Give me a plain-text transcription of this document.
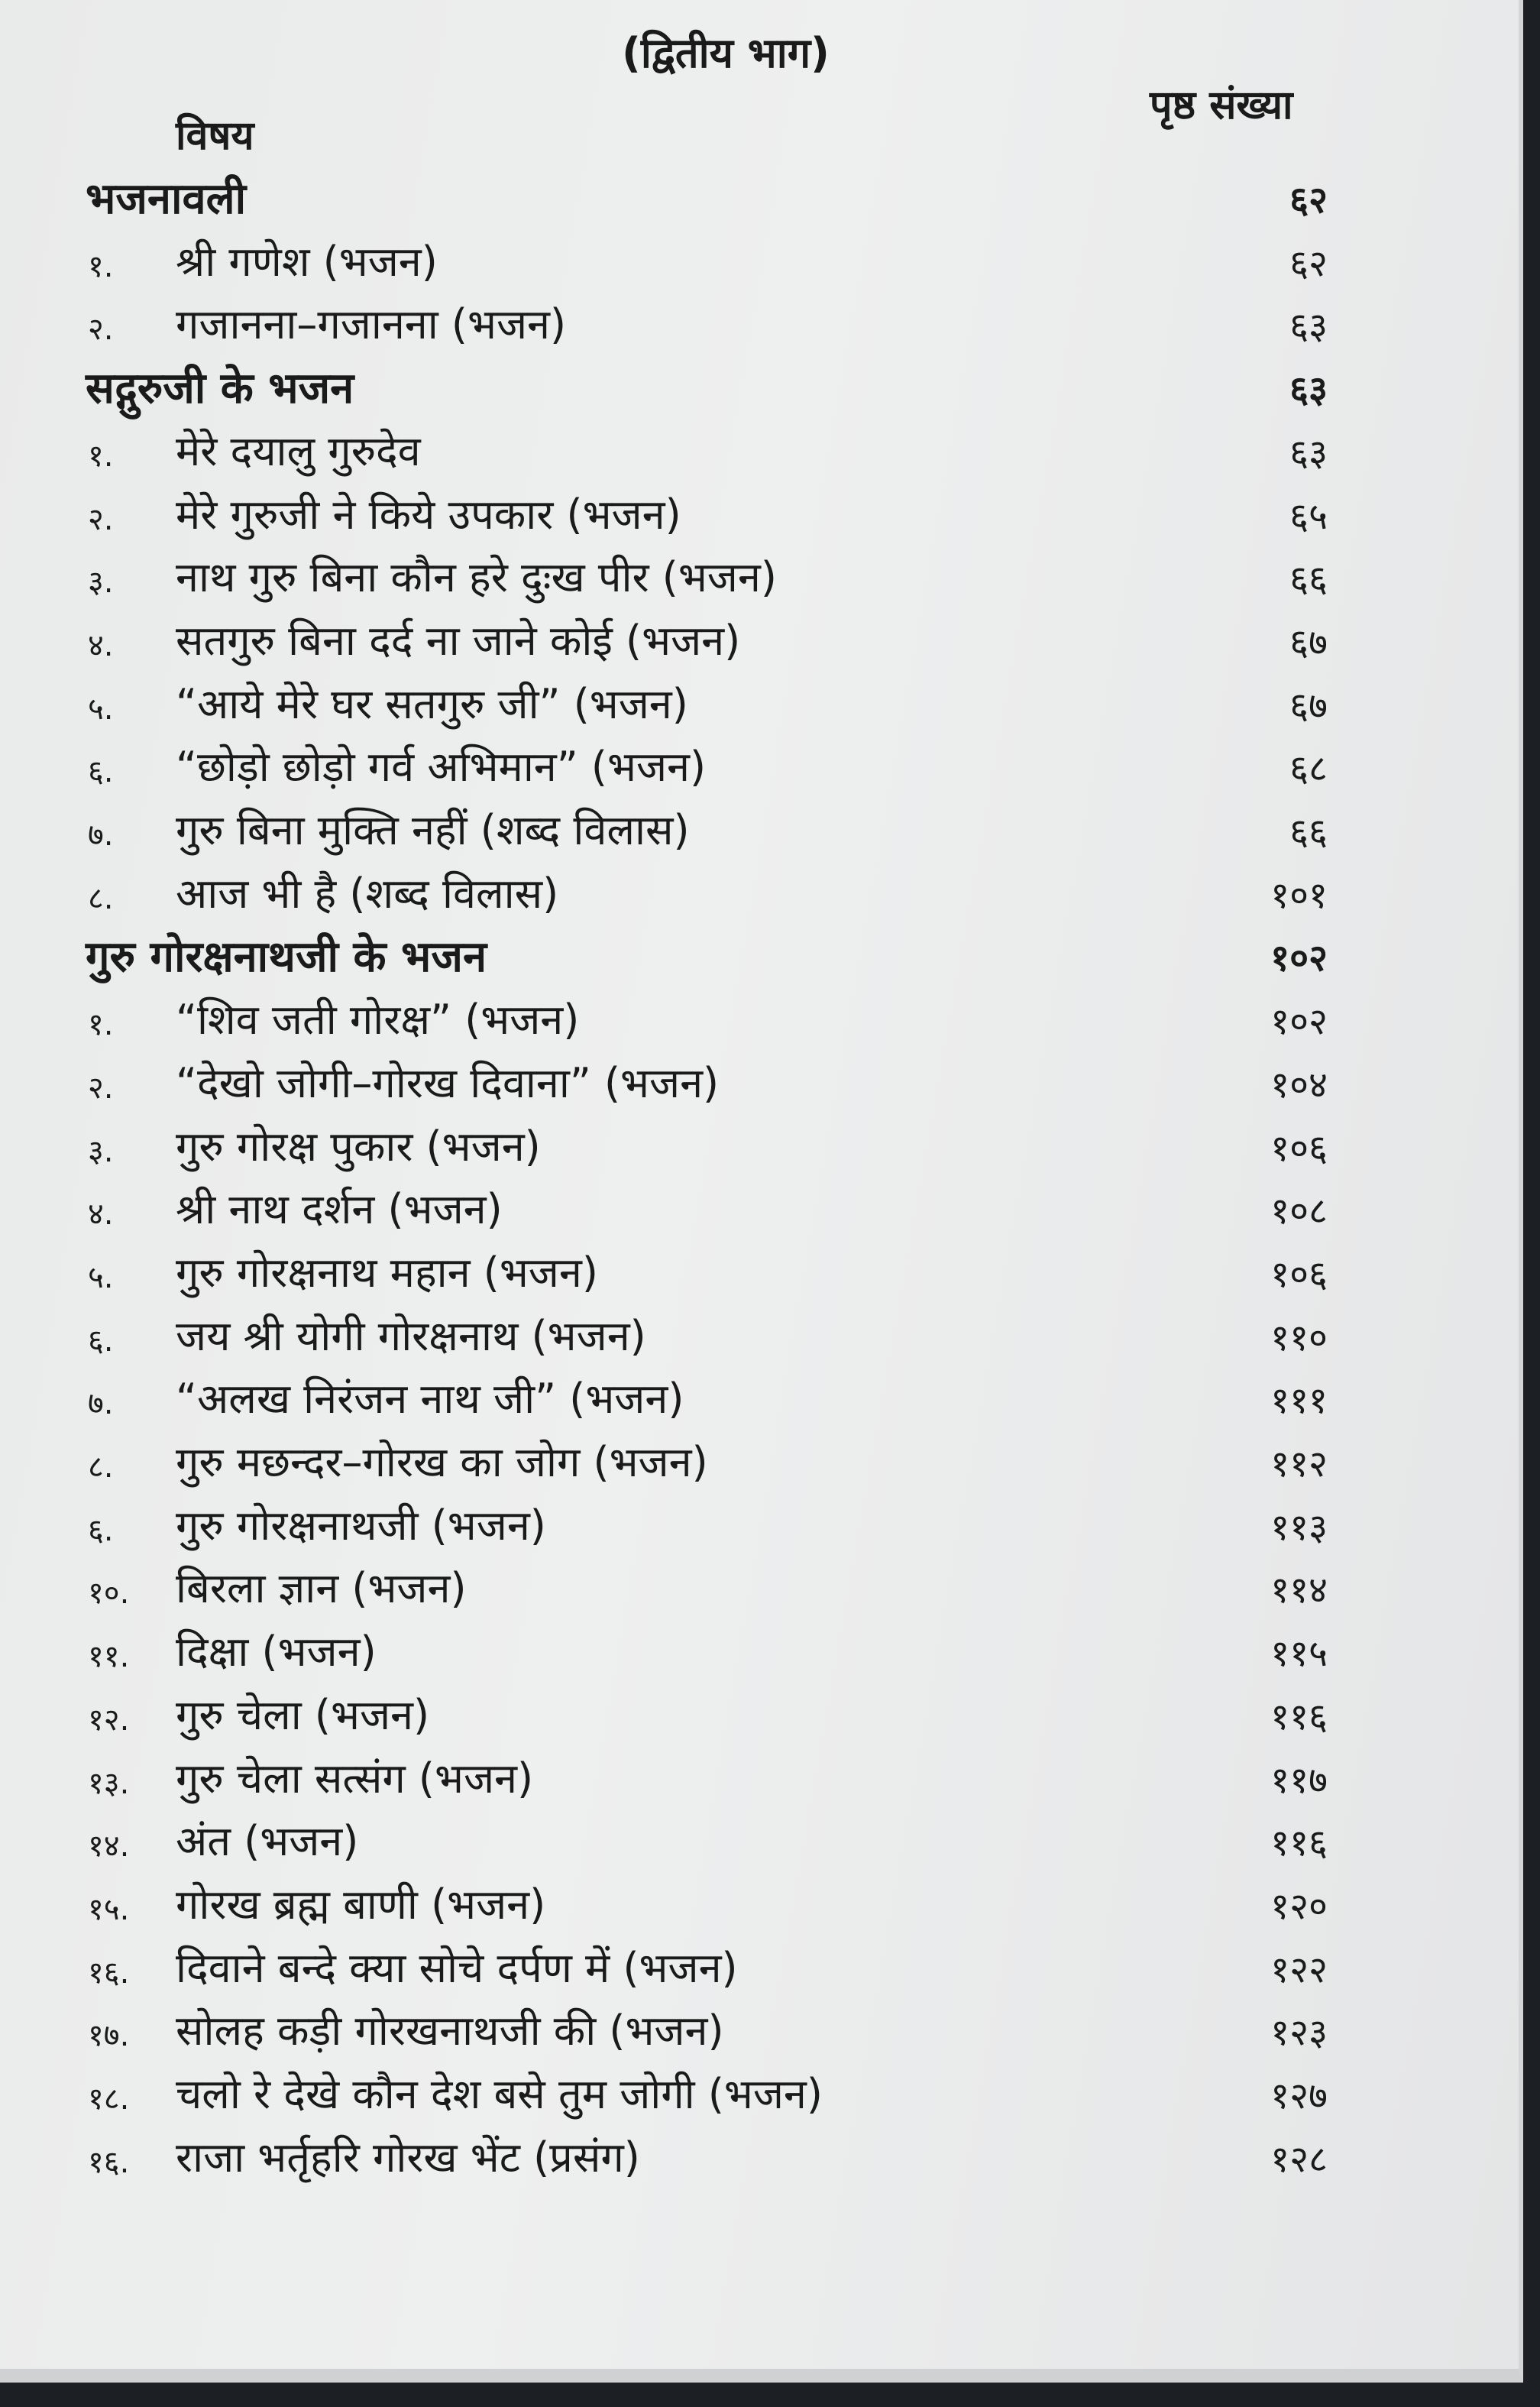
(द्वितीय भाग)
विषय
पृष्ठ संख्या
भजनावली	६२
१. श्री गणेश (भजन)	६२
२. गजानना–गजानना (भजन)	६३
सद्गुरुजी के भजन	६३
१. मेरे दयालु गुरुदेव	६३
२. मेरे गुरुजी ने किये उपकार (भजन)	६५
३. नाथ गुरु बिना कौन हरे दुःख पीर (भजन)	६६
४. सतगुरु बिना दर्द ना जाने कोई (भजन)	६७
५. “आये मेरे घर सतगुरु जी” (भजन)	६७
६. “छोड़ो छोड़ो गर्व अभिमान” (भजन)	६८
७. गुरु बिना मुक्ति नहीं (शब्द विलास)	६६
८. आज भी है (शब्द विलास)	१०१
गुरु गोरक्षनाथजी के भजन	१०२
१. “शिव जती गोरक्ष” (भजन)	१०२
२. “देखो जोगी–गोरख दिवाना” (भजन)	१०४
३. गुरु गोरक्ष पुकार (भजन)	१०६
४. श्री नाथ दर्शन (भजन)	१०८
५. गुरु गोरक्षनाथ महान (भजन)	१०६
६. जय श्री योगी गोरक्षनाथ (भजन)	११०
७. “अलख निरंजन नाथ जी” (भजन)	१११
८. गुरु मछन्दर–गोरख का जोग (भजन)	११२
६. गुरु गोरक्षनाथजी (भजन)	११३
१०. बिरला ज्ञान (भजन)	११४
११. दिक्षा (भजन)	११५
१२. गुरु चेला (भजन)	११६
१३. गुरु चेला सत्संग (भजन)	११७
१४. अंत (भजन)	११६
१५. गोरख ब्रह्म बाणी (भजन)	१२०
१६. दिवाने बन्दे क्या सोचे दर्पण में (भजन)	१२२
१७. सोलह कड़ी गोरखनाथजी की (भजन)	१२३
१८. चलो रे देखे कौन देश बसे तुम जोगी (भजन)	१२७
१६. राजा भर्तृहरि गोरख भेंट (प्रसंग)	१२८
